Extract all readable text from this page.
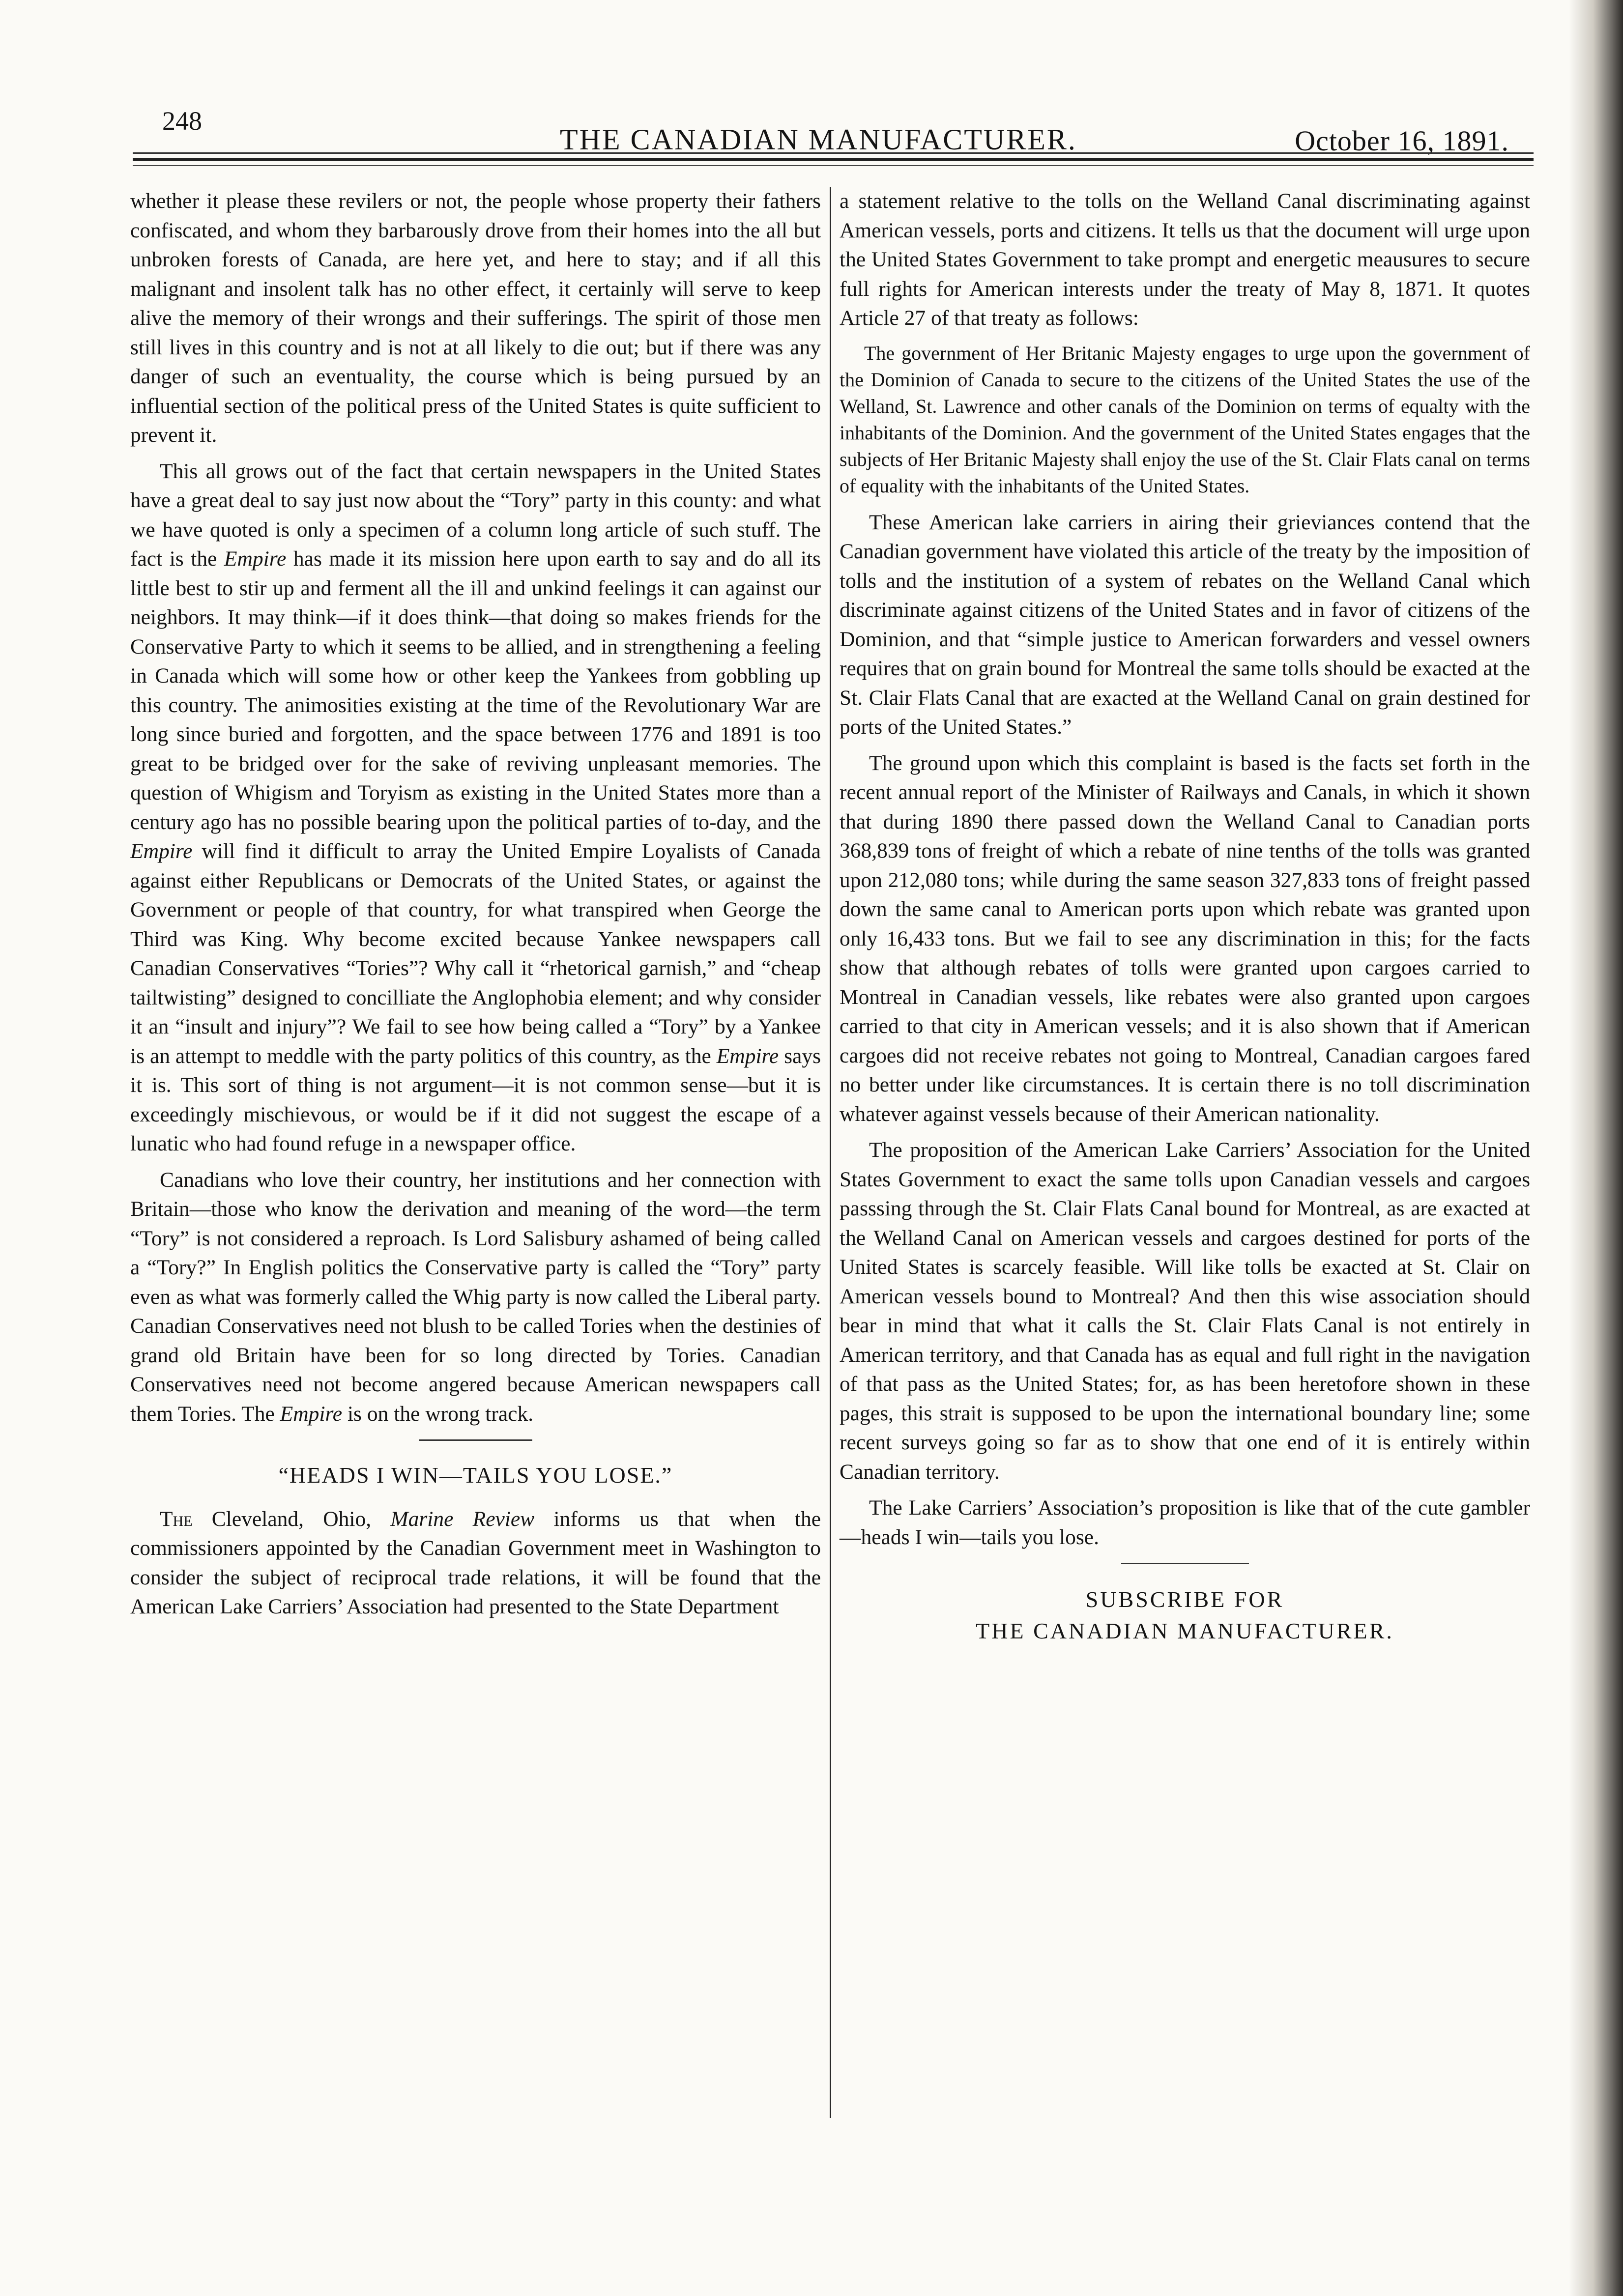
248
THE CANADIAN MANUFACTURER.	October 16, 1891.

whether it please these revilers or not, the people whose property their fathers confiscated, and whom they barbarously drove from their homes into the all but unbroken forests of Canada, are here yet, and here to stay; and if all this malignant and insolent talk has no other effect, it certainly will serve to keep alive the memory of their wrongs and their sufferings. The spirit of those men still lives in this country and is not at all likely to die out; but if there was any danger of such an eventuality, the course which is being pursued by an influential section of the political press of the United States is quite sufficient to prevent it.

This all grows out of the fact that certain newspapers in the United States have a great deal to say just now about the “Tory” party in this county: and what we have quoted is only a specimen of a column long article of such stuff. The fact is the Empire has made it its mission here upon earth to say and do all its little best to stir up and ferment all the ill and unkind feelings it can against our neighbors. It may think—if it does think—that doing so makes friends for the Conservative Party to which it seems to be allied, and in strengthening a feeling in Canada which will some how or other keep the Yankees from gobbling up this country. The animosities existing at the time of the Revolutionary War are long since buried and forgotten, and the space between 1776 and 1891 is too great to be bridged over for the sake of reviving unpleasant memories. The question of Whigism and Toryism as existing in the United States more than a century ago has no possible bearing upon the political parties of to-day, and the Empire will find it difficult to array the United Empire Loyalists of Canada against either Republicans or Democrats of the United States, or against the Government or people of that country, for what transpired when George the Third was King. Why become excited because Yankee newspapers call Canadian Conservatives “Tories”? Why call it “rhetorical garnish,” and “cheap tailtwisting” designed to concilliate the Anglophobia element; and why consider it an “insult and injury”? We fail to see how being called a “Tory” by a Yankee is an attempt to meddle with the party politics of this country, as the Empire says it is. This sort of thing is not argument—it is not common sense—but it is exceedingly mischievous, or would be if it did not suggest the escape of a lunatic who had found refuge in a newspaper office.

Canadians who love their country, her institutions and her connection with Britain—those who know the derivation and meaning of the word—the term “Tory” is not considered a reproach. Is Lord Salisbury ashamed of being called a “Tory?” In English politics the Conservative party is called the “Tory” party even as what was formerly called the Whig party is now called the Liberal party. Canadian Conservatives need not blush to be called Tories when the destinies of grand old Britain have been for so long directed by Tories. Canadian Conservatives need not become angered because American newspapers call them Tories. The Empire is on the wrong track.

“HEADS I WIN—TAILS YOU LOSE.”

The Cleveland, Ohio, Marine Review informs us that when the commissioners appointed by the Canadian Government meet in Washington to consider the subject of reciprocal trade relations, it will be found that the American Lake Carriers’ Association had presented to the State Department

a statement relative to the tolls on the Welland Canal discriminating against American vessels, ports and citizens. It tells us that the document will urge upon the United States Government to take prompt and energetic meausures to secure full rights for American interests under the treaty of May 8, 1871. It quotes Article 27 of that treaty as follows:

The government of Her Britanic Majesty engages to urge upon the government of the Dominion of Canada to secure to the citizens of the United States the use of the Welland, St. Lawrence and other canals of the Dominion on terms of equalty with the inhabitants of the Dominion. And the government of the United States engages that the subjects of Her Britanic Majesty shall enjoy the use of the St. Clair Flats canal on terms of equality with the inhabitants of the United States.

These American lake carriers in airing their grieviances contend that the Canadian government have violated this article of the treaty by the imposition of tolls and the institution of a system of rebates on the Welland Canal which discriminate against citizens of the United States and in favor of citizens of the Dominion, and that “simple justice to American forwarders and vessel owners requires that on grain bound for Montreal the same tolls should be exacted at the St. Clair Flats Canal that are exacted at the Welland Canal on grain destined for ports of the United States.”

The ground upon which this complaint is based is the facts set forth in the recent annual report of the Minister of Railways and Canals, in which it shown that during 1890 there passed down the Welland Canal to Canadian ports 368,839 tons of freight of which a rebate of nine tenths of the tolls was granted upon 212,080 tons; while during the same season 327,833 tons of freight passed down the same canal to American ports upon which rebate was granted upon only 16,433 tons. But we fail to see any discrimination in this; for the facts show that although rebates of tolls were granted upon cargoes carried to Montreal in Canadian vessels, like rebates were also granted upon cargoes carried to that city in American vessels; and it is also shown that if American cargoes did not receive rebates not going to Montreal, Canadian cargoes fared no better under like circumstances. It is certain there is no toll discrimination whatever against vessels because of their American nationality.

The proposition of the American Lake Carriers’ Association for the United States Government to exact the same tolls upon Canadian vessels and cargoes passsing through the St. Clair Flats Canal bound for Montreal, as are exacted at the Welland Canal on American vessels and cargoes destined for ports of the United States is scarcely feasible. Will like tolls be exacted at St. Clair on American vessels bound to Montreal? And then this wise association should bear in mind that what it calls the St. Clair Flats Canal is not entirely in American territory, and that Canada has as equal and full right in the navigation of that pass as the United States; for, as has been heretofore shown in these pages, this strait is supposed to be upon the international boundary line; some recent surveys going so far as to show that one end of it is entirely within Canadian territory.

The Lake Carriers’ Association’s proposition is like that of the cute gambler—heads I win—tails you lose.

SUBSCRIBE FOR
THE CANADIAN MANUFACTURER.
